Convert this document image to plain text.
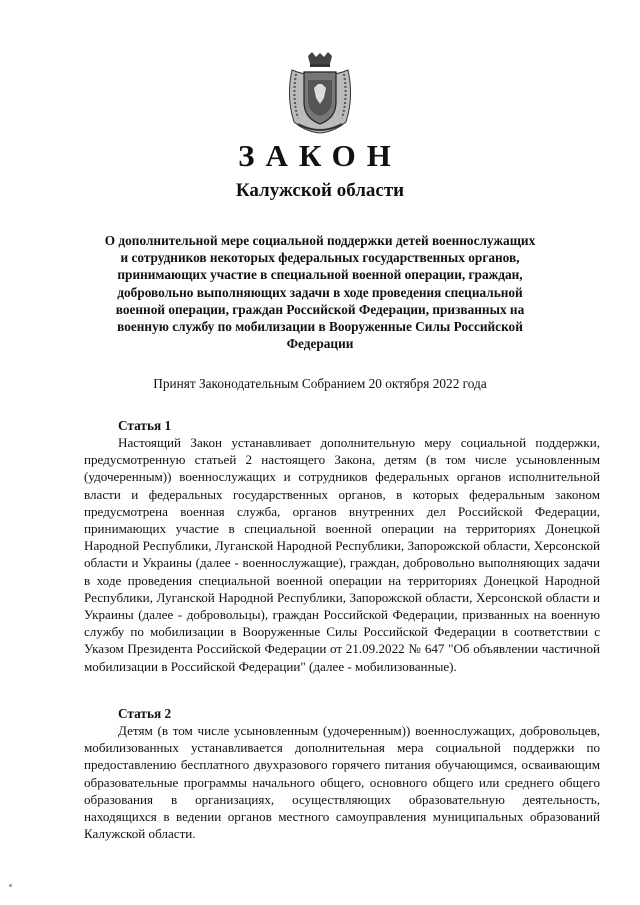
ЗАКОН
Калужской области

О дополнительной мере социальной поддержки детей военнослужащих и сотрудников некоторых федеральных государственных органов, принимающих участие в специальной военной операции, граждан, добровольно выполняющих задачи в ходе проведения специальной военной операции, граждан Российской Федерации, призванных на военную службу по мобилизации в Вооруженные Силы Российской Федерации

Принят Законодательным Собранием 20 октября 2022 года

Статья 1

Настоящий Закон устанавливает дополнительную меру социальной поддержки, предусмотренную статьей 2 настоящего Закона, детям (в том числе усыновленным (удочеренным)) военнослужащих и сотрудников федеральных органов исполнительной власти и федеральных государственных органов, в которых федеральным законом предусмотрена военная служба, органов внутренних дел Российской Федерации, принимающих участие в специальной военной операции на территориях Донецкой Народной Республики, Луганской Народной Республики, Запорожской области, Херсонской области и Украины (далее - военнослужащие), граждан, добровольно выполняющих задачи в ходе проведения специальной военной операции на территориях Донецкой Народной Республики, Луганской Народной Республики, Запорожской области, Херсонской области и Украины (далее - добровольцы), граждан Российской Федерации, призванных на военную службу по мобилизации в Вооруженные Силы Российской Федерации в соответствии с Указом Президента Российской Федерации от 21.09.2022 № 647 "Об объявлении частичной мобилизации в Российской Федерации" (далее - мобилизованные).

Статья 2

Детям (в том числе усыновленным (удочеренным)) военнослужащих, добровольцев, мобилизованных устанавливается дополнительная мера социальной поддержки по предоставлению бесплатного двухразового горячего питания обучающимся, осваивающим образовательные программы начального общего, основного общего или среднего общего образования в организациях, осуществляющих образовательную деятельность, находящихся в ведении органов местного самоуправления муниципальных образований Калужской области.
